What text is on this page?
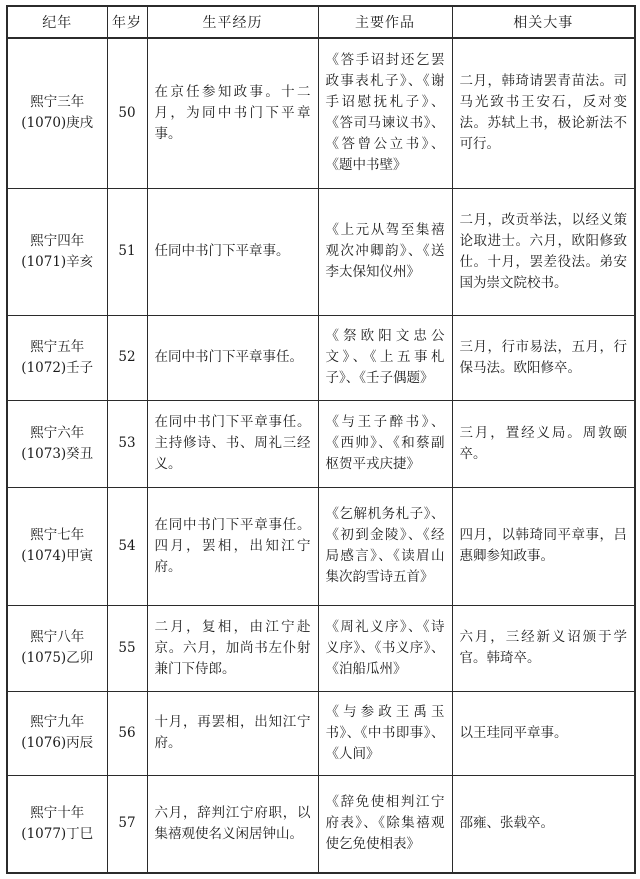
纪年	年岁	生平经历	主要作品	相关大事

熙宁三年
(1070)庚戌	50	在京任参知政事。十二月，为同中书门下平章事。	《答手诏封还乞罢政事表札子》、《谢手诏慰抚札子》、《答司马谏议书》、《答曾公立书》、《题中书壁》	二月，韩琦请罢青苗法。司马光致书王安石，反对变法。苏轼上书，极论新法不可行。

熙宁四年
(1071)辛亥	51	任同中书门下平章事。	《上元从驾至集禧观次冲卿韵》、《送李太保知仪州》	二月，改贡举法，以经义策论取进士。六月，欧阳修致仕。十月，罢差役法。弟安国为崇文院校书。

熙宁五年
(1072)壬子	52	在同中书门下平章事任。	《祭欧阳文忠公文》、《上五事札子》、《壬子偶题》	三月，行市易法，五月，行保马法。欧阳修卒。

熙宁六年
(1073)癸丑	53	在同中书门下平章事任。主持修诗、书、周礼三经义。	《与王子醉书》、《西帅》、《和蔡副枢贺平戎庆捷》	三月，置经义局。周敦颐卒。

熙宁七年
(1074)甲寅	54	在同中书门下平章事任。四月，罢相，出知江宁府。	《乞解机务札子》、《初到金陵》、《经局感言》、《读眉山集次韵雪诗五首》	四月，以韩琦同平章事，吕惠卿参知政事。

熙宁八年
(1075)乙卯	55	二月，复相，由江宁赴京。六月，加尚书左仆射兼门下侍郎。	《周礼义序》、《诗义序》、《书义序》、《泊船瓜州》	六月，三经新义诏颁于学官。韩琦卒。

熙宁九年
(1076)丙辰	56	十月，再罢相，出知江宁府。	《与参政王禹玉书》、《中书即事》、《人间》	以王珪同平章事。

熙宁十年
(1077)丁巳	57	六月，辞判江宁府职，以集禧观使名义闲居钟山。	《辞免使相判江宁府表》、《除集禧观使乞免使相表》	邵雍、张载卒。
